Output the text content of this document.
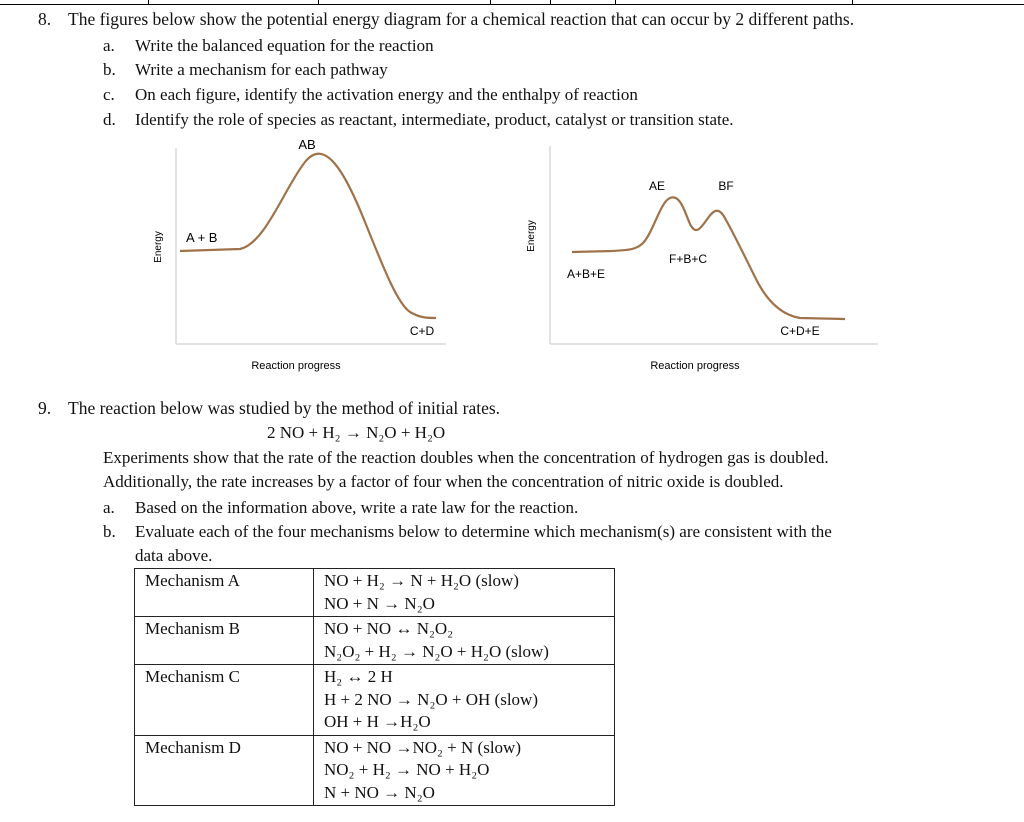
8. The figures below show the potential energy diagram for a chemical reaction that can occur by 2 different paths.
a. Write the balanced equation for the reaction
b. Write a mechanism for each pathway
c. On each figure, identify the activation energy and the enthalpy of reaction
d. Identify the role of species as reactant, intermediate, product, catalyst or transition state.
AB
A + B
C+D
Reaction progress
Energy
AE	BF
F+B+C
A+B+E
C+D+E
Reaction progress
Energy
9. The reaction below was studied by the method of initial rates.
2 NO + H₂ → N₂O + H₂O
Experiments show that the rate of the reaction doubles when the concentration of hydrogen gas is doubled.
Additionally, the rate increases by a factor of four when the concentration of nitric oxide is doubled.
a. Based on the information above, write a rate law for the reaction.
b. Evaluate each of the four mechanisms below to determine which mechanism(s) are consistent with the
data above.
Mechanism A	NO + H₂ → N + H₂O (slow)
NO + N → N₂O

Mechanism B	NO + NO ↔ N₂O₂
N₂O₂ + H₂ → N₂O + H₂O (slow)

Mechanism C	H₂ ↔ 2 H
H + 2 NO → N₂O + OH (slow)
OH + H →H₂O

Mechanism D	NO + NO →NO₂ + N (slow)
NO₂ + H₂ → NO + H₂O
N + NO → N₂O
